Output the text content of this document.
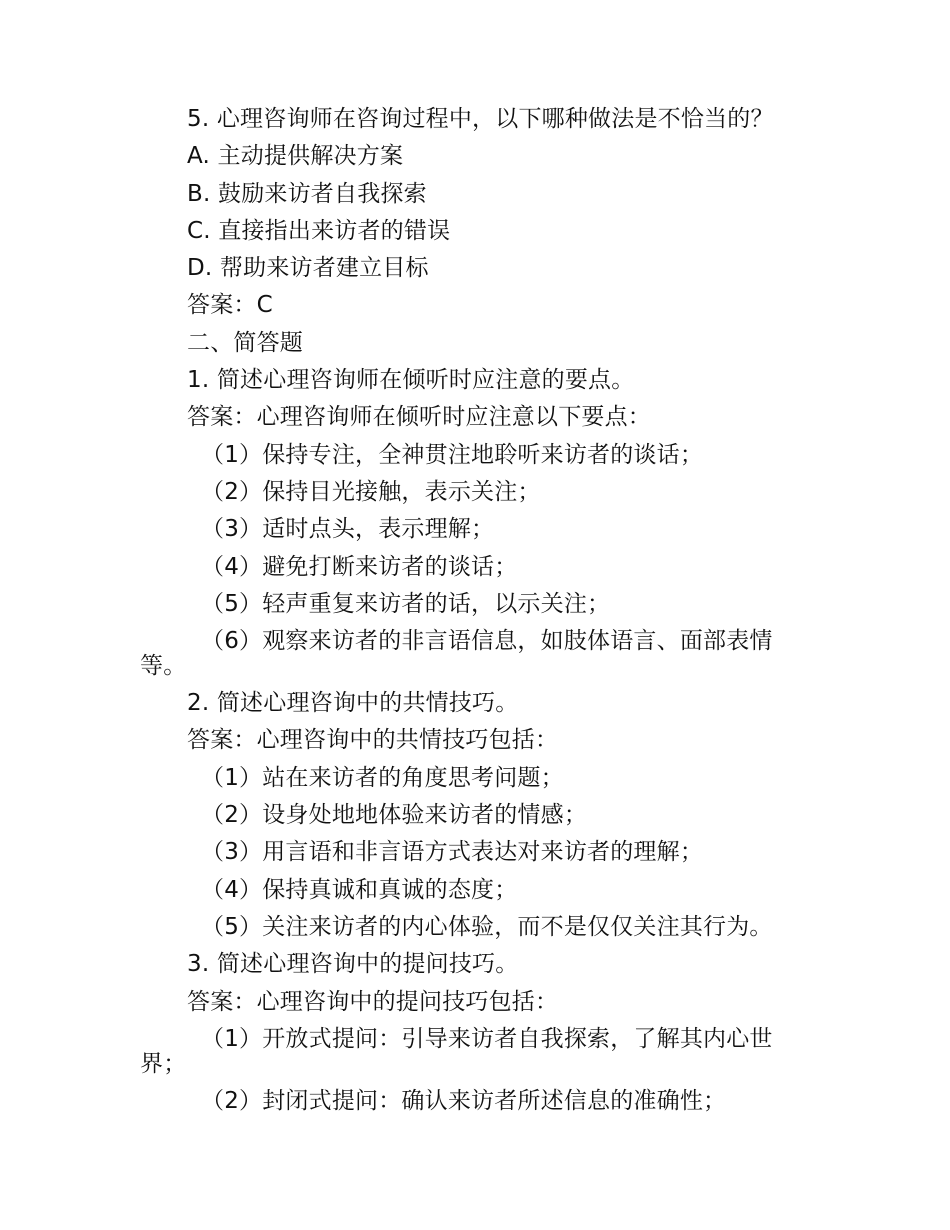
5. 心理咨询师在咨询过程中，以下哪种做法是不恰当的？
A. 主动提供解决方案
B. 鼓励来访者自我探索
C. 直接指出来访者的错误
D. 帮助来访者建立目标
答案：C
二、简答题
1. 简述心理咨询师在倾听时应注意的要点。
答案：心理咨询师在倾听时应注意以下要点：
（1）保持专注，全神贯注地聆听来访者的谈话；
（2）保持目光接触，表示关注；
（3）适时点头，表示理解；
（4）避免打断来访者的谈话；
（5）轻声重复来访者的话，以示关注；
（6）观察来访者的非言语信息，如肢体语言、面部表情等。
2. 简述心理咨询中的共情技巧。
答案：心理咨询中的共情技巧包括：
（1）站在来访者的角度思考问题；
（2）设身处地地体验来访者的情感；
（3）用言语和非言语方式表达对来访者的理解；
（4）保持真诚和真诚的态度；
（5）关注来访者的内心体验，而不是仅仅关注其行为。
3. 简述心理咨询中的提问技巧。
答案：心理咨询中的提问技巧包括：
（1）开放式提问：引导来访者自我探索，了解其内心世界；
（2）封闭式提问：确认来访者所述信息的准确性；
